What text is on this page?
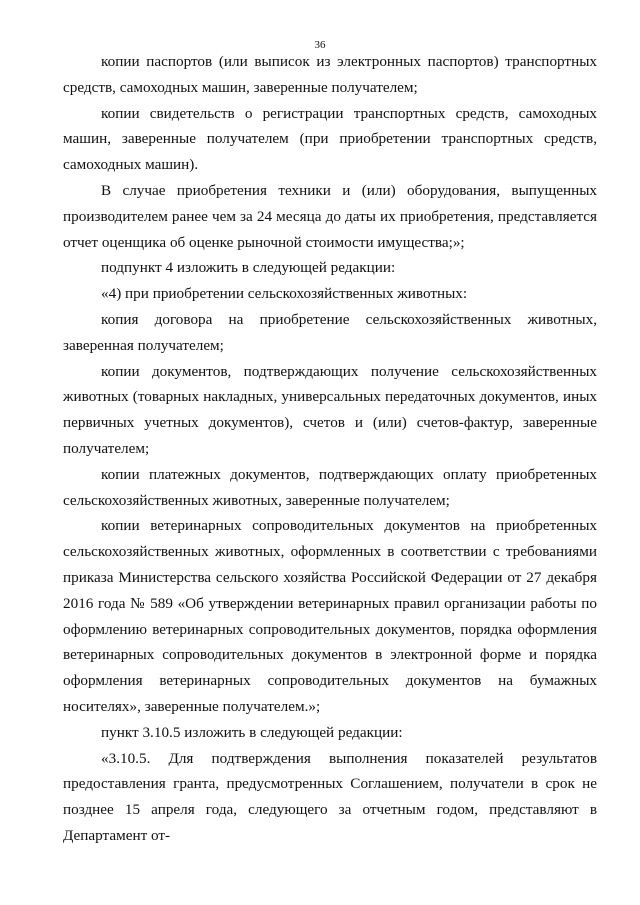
36

копии паспортов (или выписок из электронных паспортов) транспортных средств, самоходных машин, заверенные получателем;

копии свидетельств о регистрации транспортных средств, самоходных машин, заверенные получателем (при приобретении транспортных средств, самоходных машин).

В случае приобретения техники и (или) оборудования, выпущенных производителем ранее чем за 24 месяца до даты их приобретения, представляется отчет оценщика об оценке рыночной стоимости имущества;»;

подпункт 4 изложить в следующей редакции:

«4) при приобретении сельскохозяйственных животных:

копия договора на приобретение сельскохозяйственных животных, заверенная получателем;

копии документов, подтверждающих получение сельскохозяйственных животных (товарных накладных, универсальных передаточных документов, иных первичных учетных документов), счетов и (или) счетов-фактур, заверенные получателем;

копии платежных документов, подтверждающих оплату приобретенных сельскохозяйственных животных, заверенные получателем;

копии ветеринарных сопроводительных документов на приобретенных сельскохозяйственных животных, оформленных в соответствии с требованиями приказа Министерства сельского хозяйства Российской Федерации от 27 декабря 2016 года № 589 «Об утверждении ветеринарных правил организации работы по оформлению ветеринарных сопроводительных документов, порядка оформления ветеринарных сопроводительных документов в электронной форме и порядка оформления ветеринарных сопроводительных документов на бумажных носителях», заверенные получателем.»;

пункт 3.10.5 изложить в следующей редакции:

«3.10.5. Для подтверждения выполнения показателей результатов предоставления гранта, предусмотренных Соглашением, получатели в срок не позднее 15 апреля года, следующего за отчетным годом, представляют в Департамент от-
